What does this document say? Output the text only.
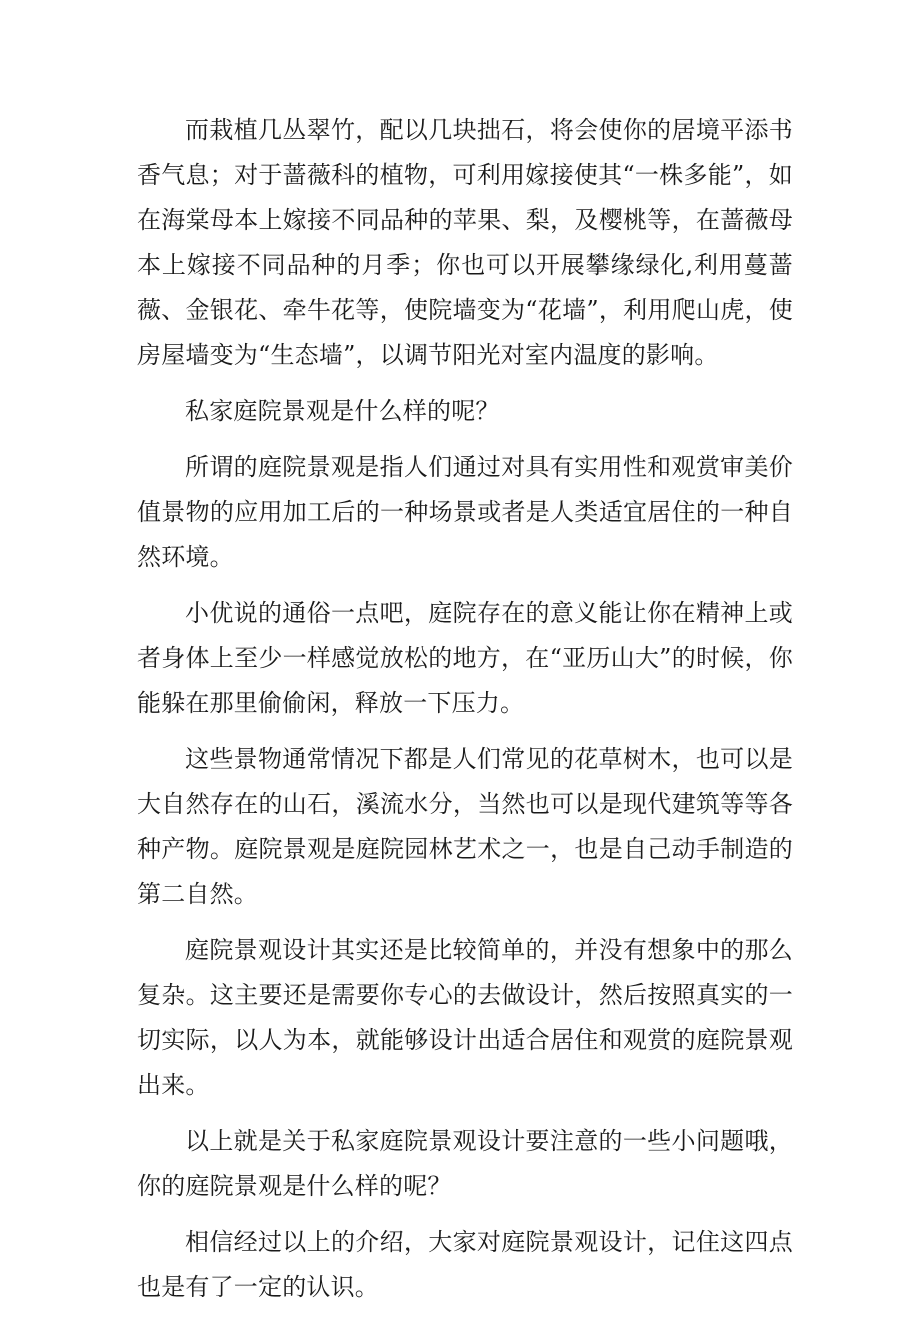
而栽植几丛翠竹，配以几块拙石，将会使你的居境平添书香气息；对于蔷薇科的植物，可利用嫁接使其“一株多能”，如在海棠母本上嫁接不同品种的苹果、梨，及樱桃等，在蔷薇母本上嫁接不同品种的月季；你也可以开展攀缘绿化,利用蔓蔷薇、金银花、牵牛花等，使院墙变为“花墙”，利用爬山虎，使房屋墙变为“生态墙”，以调节阳光对室内温度的影响。

私家庭院景观是什么样的呢？

所谓的庭院景观是指人们通过对具有实用性和观赏审美价值景物的应用加工后的一种场景或者是人类适宜居住的一种自然环境。

小优说的通俗一点吧，庭院存在的意义能让你在精神上或者身体上至少一样感觉放松的地方，在“亚历山大”的时候，你能躲在那里偷偷闲，释放一下压力。

这些景物通常情况下都是人们常见的花草树木，也可以是大自然存在的山石，溪流水分，当然也可以是现代建筑等等各种产物。庭院景观是庭院园林艺术之一，也是自己动手制造的第二自然。

庭院景观设计其实还是比较简单的，并没有想象中的那么复杂。这主要还是需要你专心的去做设计，然后按照真实的一切实际，以人为本，就能够设计出适合居住和观赏的庭院景观出来。

以上就是关于私家庭院景观设计要注意的一些小问题哦，你的庭院景观是什么样的呢？

相信经过以上的介绍，大家对庭院景观设计，记住这四点也是有了一定的认识。
